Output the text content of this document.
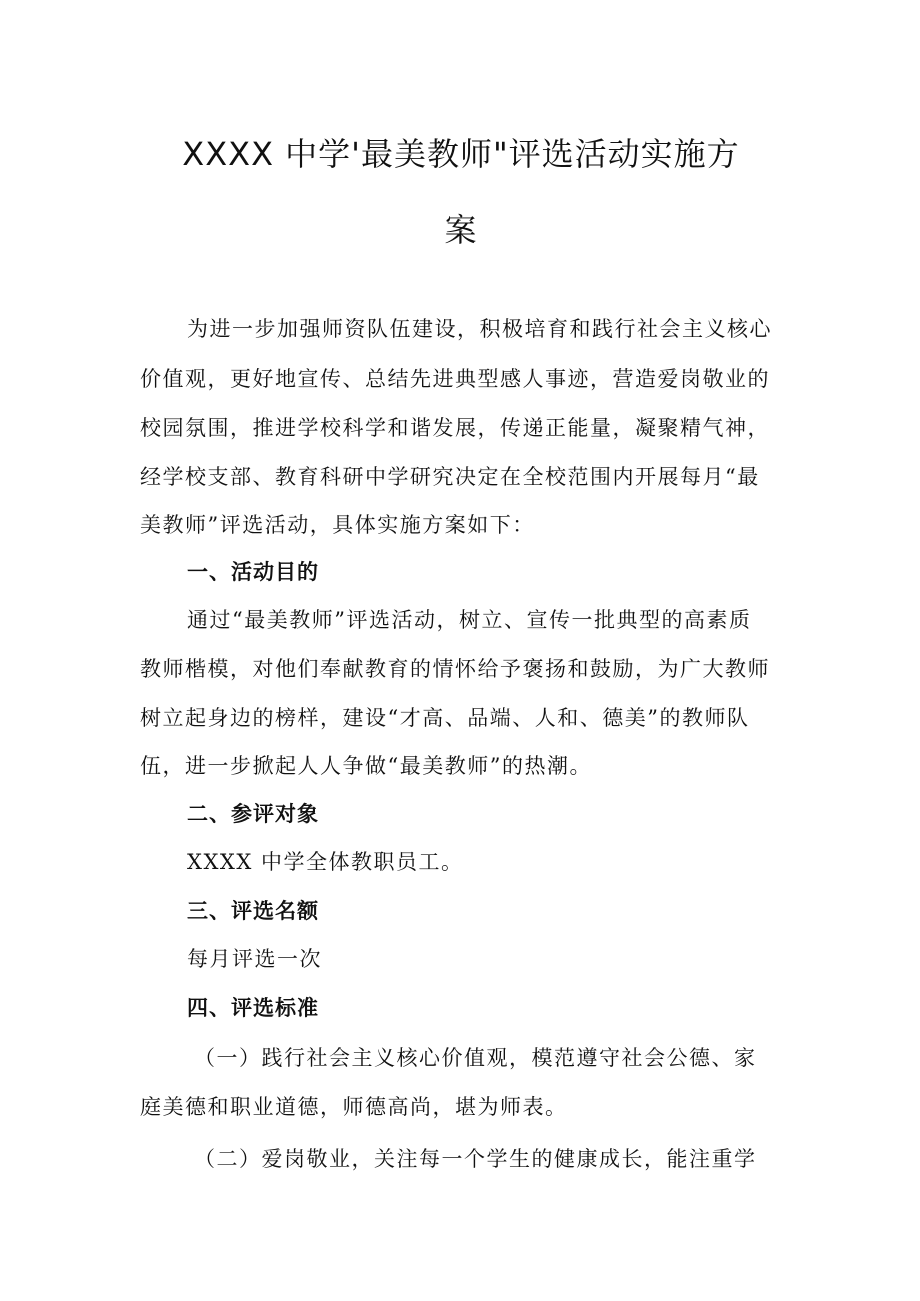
XXXX 中学'最美教师"评选活动实施方
案

为进一步加强师资队伍建设，积极培育和践行社会主义核心

价值观，更好地宣传、总结先进典型感人事迹，营造爱岗敬业的

校园氛围，推进学校科学和谐发展，传递正能量，凝聚精气神，

经学校支部、教育科研中学研究决定在全校范围内开展每月“最

美教师”评选活动，具体实施方案如下：

一、活动目的

通过“最美教师”评选活动，树立、宣传一批典型的高素质

教师楷模，对他们奉献教育的情怀给予褒扬和鼓励，为广大教师

树立起身边的榜样，建设“才高、品端、人和、德美”的教师队

伍，进一步掀起人人争做“最美教师”的热潮。

二、参评对象

XXXX 中学全体教职员工。

三、评选名额

每月评选一次

四、评选标准

（一）践行社会主义核心价值观，模范遵守社会公德、家

庭美德和职业道德，师德高尚，堪为师表。

（二）爱岗敬业，关注每一个学生的健康成长，能注重学
